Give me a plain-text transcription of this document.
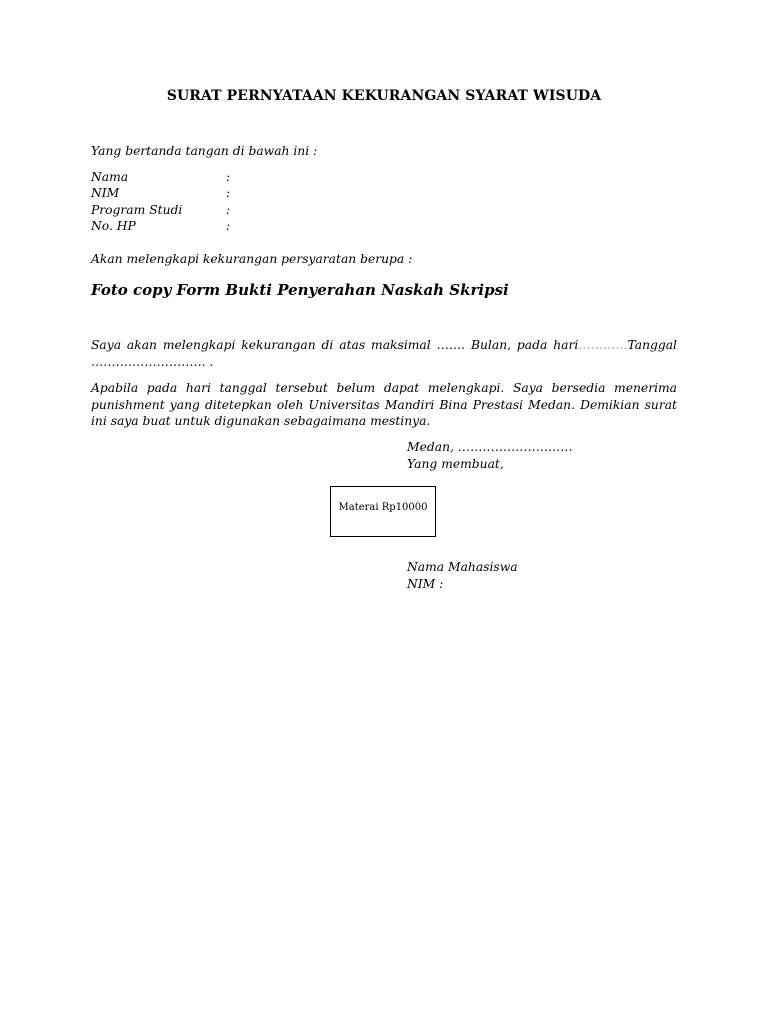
SURAT PERNYATAAN KEKURANGAN SYARAT WISUDA
Yang bertanda tangan di bawah ini :
Nama	:
NIM	:
Program Studi	:
No. HP	:
Akan melengkapi kekurangan persyaratan berupa :
Foto copy Form Bukti Penyerahan Naskah Skripsi
Saya akan melengkapi kekurangan di atas maksimal ……. Bulan, pada hari…………Tanggal ………………………. .
Apabila pada hari tanggal tersebut belum dapat melengkapi. Saya bersedia menerima punishment yang ditetepkan oleh Universitas Mandiri Bina Prestasi Medan. Demikian surat ini saya buat untuk digunakan sebagaimana mestinya.
Medan, ……………………….
Yang membuat,
Materai Rp10000
Nama Mahasiswa
NIM :
